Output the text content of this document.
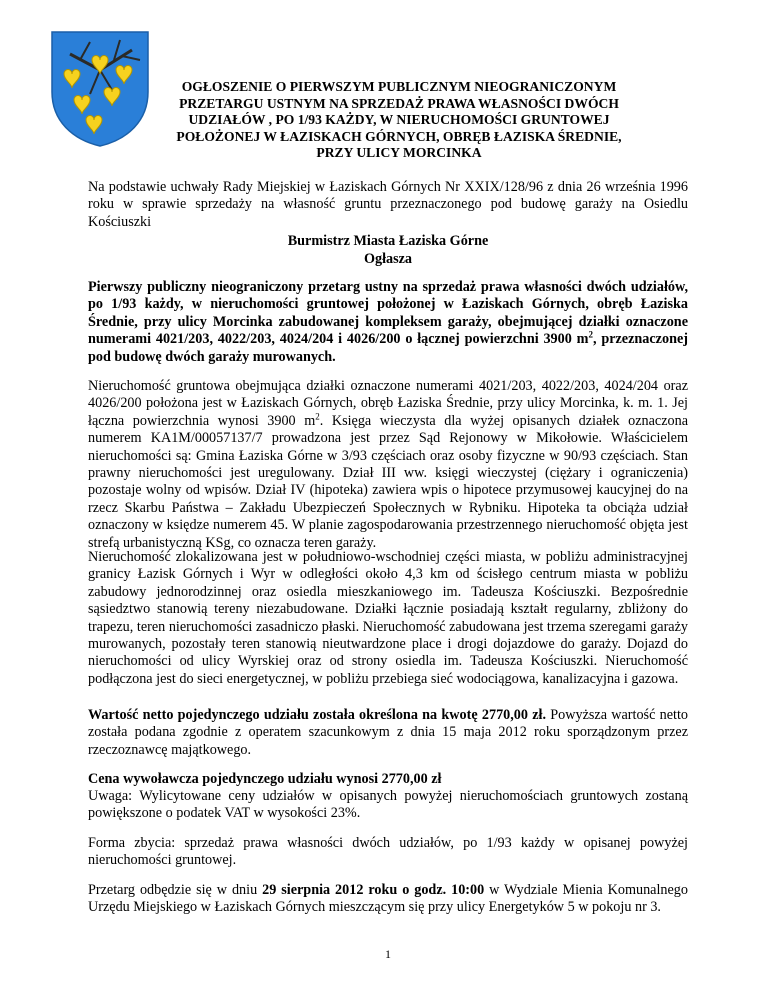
OGŁOSZENIE O PIERWSZYM PUBLICZNYM NIEOGRANICZONYM PRZETARGU USTNYM NA SPRZEDAŻ PRAWA WŁASNOŚCI DWÓCH UDZIAŁÓW , PO 1/93 KAŻDY, W NIERUCHOMOŚCI GRUNTOWEJ POŁOŻONEJ W ŁAZISKACH GÓRNYCH, OBRĘB ŁAZISKA ŚREDNIE, PRZY ULICY MORCINKA

Na podstawie uchwały Rady Miejskiej w Łaziskach Górnych Nr XXIX/128/96 z dnia 26 września 1996 roku w sprawie sprzedaży na własność gruntu przeznaczonego pod budowę garaży na Osiedlu Kościuszki

Burmistrz Miasta Łaziska Górne

Ogłasza

Pierwszy publiczny nieograniczony przetarg ustny na sprzedaż prawa własności dwóch udziałów, po 1/93 każdy, w nieruchomości gruntowej położonej w Łaziskach Górnych, obręb Łaziska Średnie, przy ulicy Morcinka zabudowanej kompleksem garaży, obejmującej działki oznaczone numerami 4021/203, 4022/203, 4024/204 i 4026/200 o łącznej powierzchni 3900 $m^2$, przeznaczonej pod budowę dwóch garaży murowanych.

Nieruchomość gruntowa obejmująca działki oznaczone numerami 4021/203, 4022/203, 4024/204 oraz 4026/200 położona jest w Łaziskach Górnych, obręb Łaziska Średnie, przy ulicy Morcinka, k. m. 1. Jej łączna powierzchnia wynosi 3900 $m^2$. Księga wieczysta dla wyżej opisanych działek oznaczona numerem KA1M/00057137/7 prowadzona jest przez Sąd Rejonowy w Mikołowie. Właścicielem nieruchomości są: Gmina Łaziska Górne w 3/93 częściach oraz osoby fizyczne w 90/93 częściach. Stan prawny nieruchomości jest uregulowany. Dział III ww. księgi wieczystej (ciężary i ograniczenia) pozostaje wolny od wpisów. Dział IV (hipoteka) zawiera wpis o hipotece przymusowej kaucyjnej do na rzecz Skarbu Państwa – Zakładu Ubezpieczeń Społecznych w Rybniku. Hipoteka ta obciąża udział oznaczony w księdze numerem 45. W planie zagospodarowania przestrzennego nieruchomość objęta jest strefą urbanistyczną KSg, co oznacza teren garaży.

Nieruchomość zlokalizowana jest w południowo-wschodniej części miasta, w pobliżu administracyjnej granicy Łazisk Górnych i Wyr w odległości około 4,3 km od ścisłego centrum miasta w pobliżu zabudowy jednorodzinnej oraz osiedla mieszkaniowego im. Tadeusza Kościuszki. Bezpośrednie sąsiedztwo stanowią tereny niezabudowane. Działki łącznie posiadają kształt regularny, zbliżony do trapezu, teren nieruchomości zasadniczo płaski. Nieruchomość zabudowana jest trzema szeregami garaży murowanych, pozostały teren stanowią nieutwardzone place i drogi dojazdowe do garaży. Dojazd do nieruchomości od ulicy Wyrskiej oraz od strony osiedla im. Tadeusza Kościuszki. Nieruchomość podłączona jest do sieci energetycznej, w pobliżu przebiega sieć wodociągowa, kanalizacyjna i gazowa.

Wartość netto pojedynczego udziału została określona na kwotę 2770,00 zł. Powyższa wartość netto została podana zgodnie z operatem szacunkowym z dnia 15 maja 2012 roku sporządzonym przez rzeczoznawcę majątkowego.

Cena wywoławcza pojedynczego udziału wynosi 2770,00 zł

Uwaga: Wylicytowane ceny udziałów w opisanych powyżej nieruchomościach gruntowych zostaną powiększone o podatek VAT w wysokości 23%.

Forma zbycia: sprzedaż prawa własności dwóch udziałów, po 1/93 każdy w opisanej powyżej nieruchomości gruntowej.

Przetarg odbędzie się w dniu 29 sierpnia 2012 roku o godz. 10:00 w Wydziale Mienia Komunalnego Urzędu Miejskiego w Łaziskach Górnych mieszczącym się przy ulicy Energetyków 5 w pokoju nr 3.

1
